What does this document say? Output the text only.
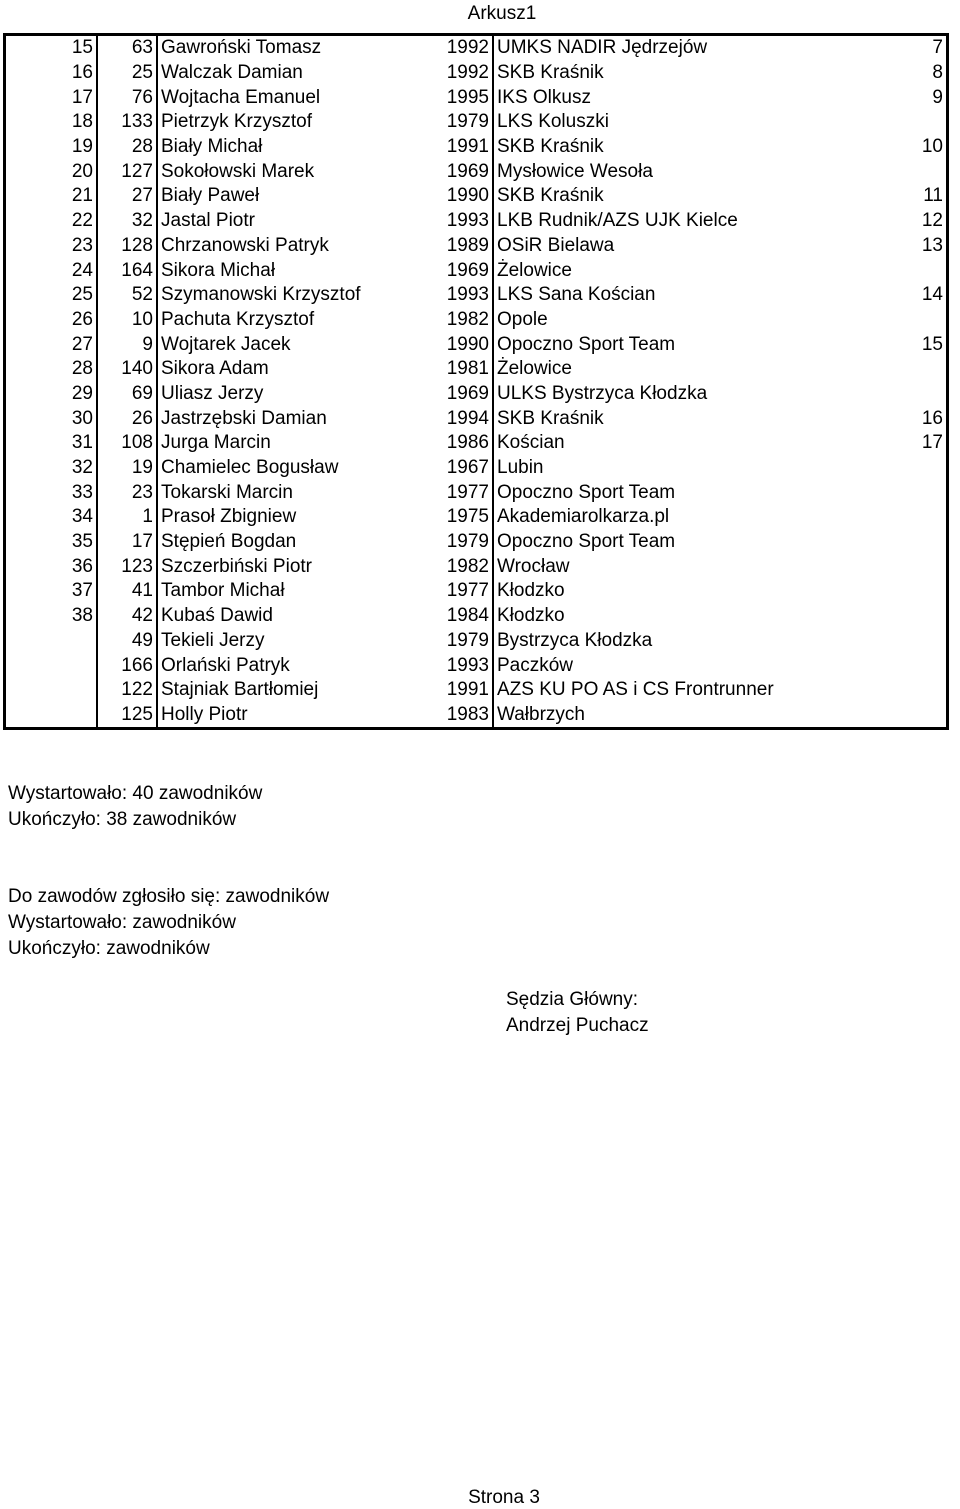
Arkusz1
15	63	Gawroński Tomasz	1992	UMKS NADIR Jędrzejów	7
16	25	Walczak Damian	1992	SKB Kraśnik	8
17	76	Wojtacha Emanuel	1995	IKS Olkusz	9
18	133	Pietrzyk Krzysztof	1979	LKS Koluszki	
19	28	Biały Michał	1991	SKB Kraśnik	10
20	127	Sokołowski Marek	1969	Mysłowice Wesoła	
21	27	Biały Paweł	1990	SKB Kraśnik	11
22	32	Jastal Piotr	1993	LKB Rudnik/AZS UJK Kielce	12
23	128	Chrzanowski Patryk	1989	OSiR Bielawa	13
24	164	Sikora Michał	1969	Żelowice	
25	52	Szymanowski Krzysztof	1993	LKS Sana Kościan	14
26	10	Pachuta Krzysztof	1982	Opole	
27	9	Wojtarek Jacek	1990	Opoczno Sport Team	15
28	140	Sikora Adam	1981	Żelowice	
29	69	Uliasz Jerzy	1969	ULKS Bystrzyca Kłodzka	
30	26	Jastrzębski Damian	1994	SKB Kraśnik	16
31	108	Jurga Marcin	1986	Kościan	17
32	19	Chamielec Bogusław	1967	Lubin	
33	23	Tokarski Marcin	1977	Opoczno Sport Team	
34	1	Prasoł Zbigniew	1975	Akademiarolkarza.pl	
35	17	Stępień Bogdan	1979	Opoczno Sport Team	
36	123	Szczerbiński Piotr	1982	Wrocław	
37	41	Tambor Michał	1977	Kłodzko	
38	42	Kubaś Dawid	1984	Kłodzko	
	49	Tekieli Jerzy	1979	Bystrzyca Kłodzka	
	166	Orlański Patryk	1993	Paczków	
	122	Stajniak Bartłomiej	1991	AZS KU PO AS i CS Frontrunner	
	125	Holly Piotr	1983	Wałbrzych	
Wystartowało: 40 zawodników
Ukończyło: 38 zawodników
Do zawodów zgłosiło się: zawodników
Wystartowało: zawodników
Ukończyło: zawodników
Sędzia Główny:
Andrzej Puchacz
Strona 3
